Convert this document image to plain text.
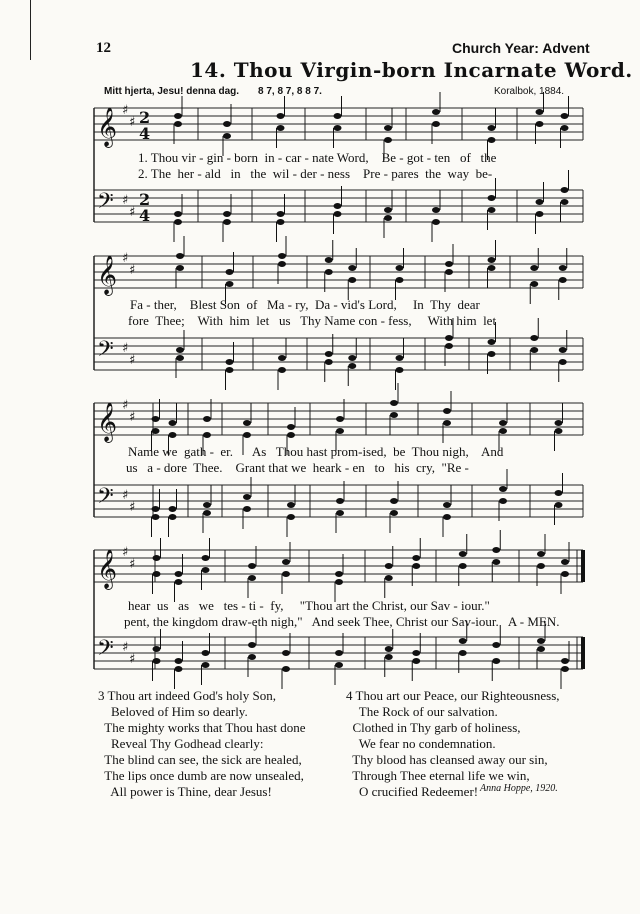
12	Church Year: Advent
14. Thou Virgin-born Incarnate Word.
Mitt hjerta, Jesu! denna dag. 8 7, 8 7, 8 8 7.	Koralbok, 1884.
𝄞 ♯
♯ 2
4
𝄢 ♯
♯
2
4
𝄞 ♯
♯
𝄢 ♯
♯
𝄞 ♯
♯
𝄢 ♯
♯
𝄞 ♯
♯
𝄢 ♯
♯
1. Thou vir - gin - born  in - car - nate Word,    Be - got - ten   of   the
2. The  her - ald   in   the  wil - der - ness    Pre - pares  the  way  be-
Fa - ther,    Blest Son  of   Ma - ry,  Da - vid's Lord,     In  Thy  dear
fore  Thee;    With  him  let   us   Thy Name con - fess,     With him  let
Name we  gath -  er.      As   Thou hast prom-ised,  be  Thou nigh,    And
us   a - dore  Thee.    Grant that we  heark - en   to   his  cry,  "Re -
hear  us   as   we   tes - ti -  fy,     "Thou art the Christ, our Sav - iour."
pent, the kingdom draw-eth nigh,"   And seek Thee, Christ our Sav-iour.   A - MEN.
3 Thou art indeed God's holy Son,
Beloved of Him so dearly.
The mighty works that Thou hast done
Reveal Thy Godhead clearly:
The blind can see, the sick are healed,
The lips once dumb are now unsealed,
All power is Thine, dear Jesus!
4 Thou art our Peace, our Righteousness,
The Rock of our salvation.
Clothed in Thy garb of holiness,
We fear no condemnation.
Thy blood has cleansed away our sin,
Through Thee eternal life we win,
O crucified Redeemer! Anna Hoppe, 1920.
